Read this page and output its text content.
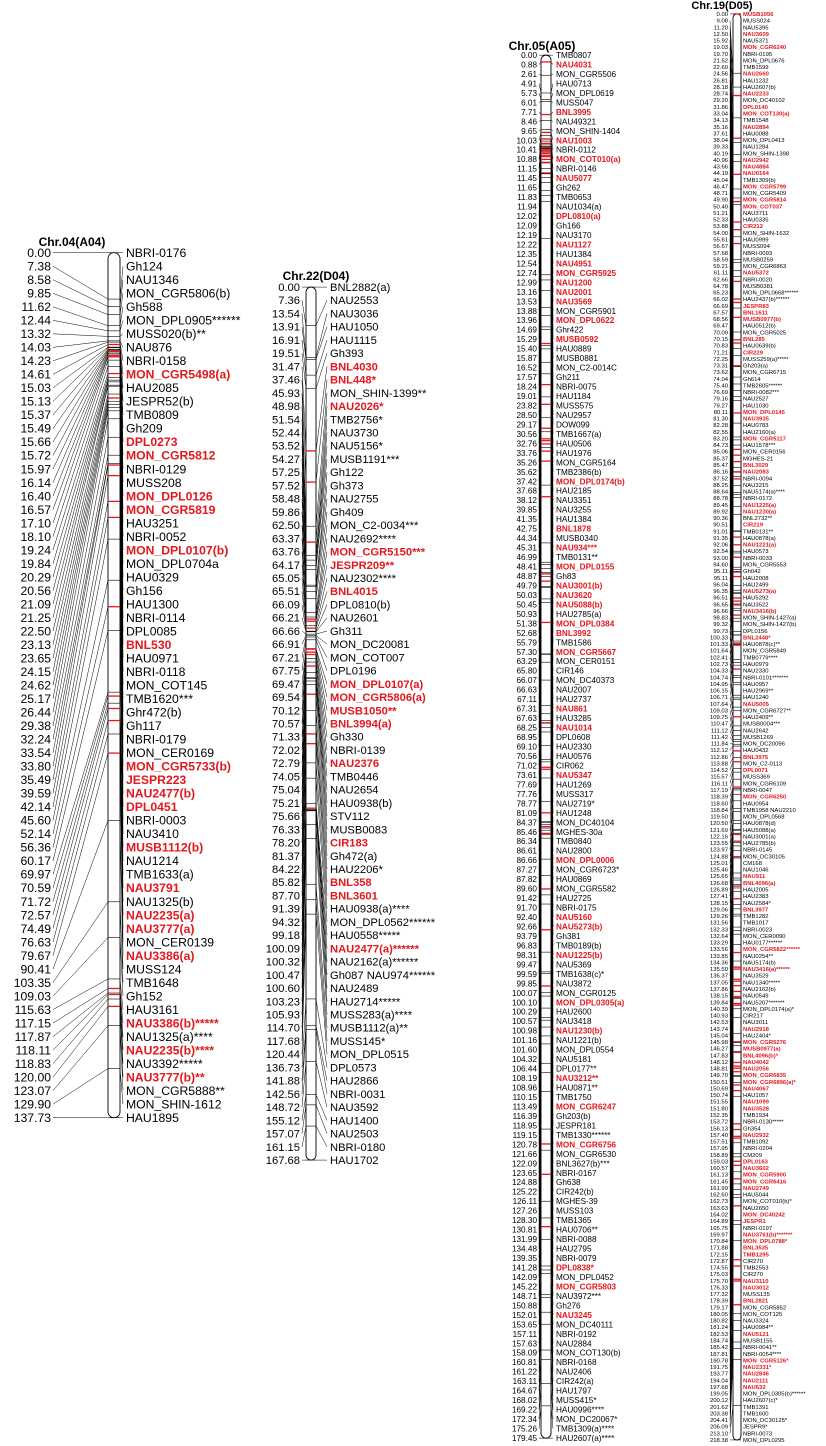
Chr.04(A04)
0.00	NBRI-0176
7.38	Gh124
8.58	NAU1346
9.85	MON_CGR5806(b)
11.62	Gh588
12.44	MON_DPL0905******
13.32	MUSS020(b)**
14.03	NAU876
14.23	NBRI-0158
14.61	MON_CGR5498(a)
15.03	HAU2085
15.13	JESPR52(b)
15.37	TMB0809
15.49	Gh209
15.66	DPL0273
15.72	MON_CGR5812
15.97	NBRI-0129
16.14	MUSS208
16.40	MON_DPL0126
16.57	MON_CGR5819
17.10	HAU3251
18.10	NBRI-0052
19.24	MON_DPL0107(b)
19.84	MON_DPL0704a
20.29	HAU0329
20.56	Gh156
21.09	HAU1300
21.25	NBRI-0114
22.50	DPL0085
23.13	BNL530
23.65	HAU0971
24.15	NBRI-0118
24.62	MON_COT145
25.17	TMB1620***
26.44	Ghr472(b)
29.38	Gh117
32.24	NBRI-0179
33.54	MON_CER0169
33.80	MON_CGR5733(b)
35.49	JESPR223
39.59	NAU2477(b)
42.14	DPL0451
45.60	NBRI-0003
52.14	NAU3410
56.36	MUSB1112(b)
60.17	NAU1214
69.97	TMB1633(a)
70.59	NAU3791
71.72	NAU1325(b)
72.57	NAU2235(a)
74.49	NAU3777(a)
76.63	MON_CER0139
79.67	NAU3386(a)
90.41	MUSS124
103.35	TMB1648
109.03	Gh152
115.63	HAU3161
117.15	NAU3386(b)*****
117.87	NAU1325(a)****
118.11	NAU2235(b)****
118.83	NAU3392*****
120.00	NAU3777(b)**
123.07	MON_CGR5888**
129.90	MON_SHIN-1612
137.73	HAU1895
Chr.22(D04)
0.00	BNL2882(a)
7.36	NAU2553
13.54	NAU3036
13.91	HAU1050
16.91	HAU1115
19.51	Gh393
31.47	BNL4030
37.46	BNL448*
45.93	MON_SHIN-1399**
48.98	NAU2026*
51.54	TMB2756*
52.44	NAU3730
53.52	NAU5156*
54.27	MUSB1191***
57.25	Gh122
57.52	Gh373
58.48	NAU2755
59.86	Gh409
62.50	MON_C2-0034***
63.37	NAU2692****
63.76	MON_CGR5150***
64.17	JESPR209**
65.05	NAU2302****
65.51	BNL4015
66.09	DPL0810(b)
66.21	NAU2601
66.66	Gh311
66.91	MON_DC20081
67.21	MON_COT007
67.75	DPL0196
69.47	MON_DPL0107(a)
69.54	MON_CGR5806(a)
70.12	MUSB1050**
70.57	BNL3994(a)
71.33	Gh330
72.02	NBRI-0139
72.79	NAU2376
74.05	TMB0446
75.04	NAU2654
75.21	HAU0938(b)
75.66	STV112
76.33	MUSB0083
78.20	CIR183
81.37	Gh472(a)
84.22	HAU2206*
85.82	BNL358
87.70	BNL3601
91.39	HAU0938(a)****
94.32	MON_DPL0562******
99.18	HAU0558*****
100.09	NAU2477(a)******
100.32	NAU2162(a)******
100.47	Gh087 NAU974******
100.60	NAU2489
103.23	HAU2714*****
105.93	MUSS283(a)****
114.70	MUSB1112(a)**
117.68	MUSS145*
120.44	MON_DPL0515
136.73	DPL0573
141.88	HAU2866
142.56	NBRI-0031
148.72	NAU3592
155.12	HAU1400
157.07	NAU2503
161.15	NBRI-0180
167.68	HAU1702
Chr.05(A05)
0.00 TMB0807
0.88 NAU4031
2.61 MON_CGR5506
4.91 HAU0713
5.73 MON_DPL0619
6.01 MUSS047
7.71 BNL3995
8.46 NAU49321
9.65 MON_SHIN-1404
10.03 NAU1003
10.41 NBRI-0112
10.88 MON_COT010(a)
11.15 NBRI-0146
11.45 NAU5077
11.65 Gh262
11.83 TMB0653
11.94 NAU1034(a)
12.02 DPL0810(a)
12.09 Gh166
12.19 NAU3170
12.22 NAU1127
12.35 HAU1384
12.54 NAU4951
12.74 MON_CGR5925
12.99 NAU1200
13.16 NAU2001
13.53 NAU3569
13.88 MON_CGR5901
13.96 MON_DPL0622
14.69 Ghr422
15.29 MUSB0592
15.40 HAU0889
15.87 MUSB0881
16.52 MON_C2-0014C
17.57 Gh211
18.24 NBRI-0075
19.01 HAU1184
23.82 MUSS575
28.50 NAU2957
29.17 DOW099
30.56 TMB1667(a)
32.76 HAU0506
33.76 HAU1976
35.26 MON_CGR5164
35.62 TMB2386(b)
37.42 MON_DPL0174(b)
37.68 HAU2185
38.12 NAU3351
39.85 NAU3255
41.35 HAU1384
42.75 BNL1878
44.34 MUSB0340
45.31 NAU934***
46.99 TMB0131**
48.41 MON_DPL0155
48.87 Gh83
49.79 NAU3001(b)
50.03 NAU3620
50.45 NAU5088(b)
50.93 HAU2785(a)
51.38 MON_DPL0384
52.68 BNL3992
55.79 TMB1586
57.30 MON_CGR5667
63.29 MON_CER0151
65.80 CIR146
66.07 MON_DC40373
66.63 NAU2007
67.11 HAU2737
67.31 NAU861
67.63 HAU3285
68.25 NAU1014
68.95 DPL0608
69.10 HAU2330
70.56 HAU0576
71.02 CIR062
73.61 NAU5347
77.69 HAU1269
77.76 MUSS317
78.77 NAU2719*
81.09 HAU1248
84.37 MON_DC40104
85.46 MGHES-30a
86.34 TMB0840
86.61 NAU2800
86.66 MON_DPL0006
87.27 MON_CGR6723*
87.82 HAU0869
89.60 MON_CGR5582
91.42 HAU2725
91.70 NBRI-0175
92.40 NAU5160
92.66 NAU5273(b)
93.79 Gh381
96.83 TMB0189(b)
98.31 NAU1225(b)
99.47 NAU5369
99.59 TMB1638(c)*
99.85 NAU3872
100.07 MON_CGR0125
100.10 MON_DPL0305(a)
100.29 HAU2600
100.57 NAU3418
100.98 NAU1230(b)
101.16 NAU1221(b)
101.60 MON_DPL0554
104.32 NAU5181
106.44 DPL0177**
108.19 NAU3212**
108.96 HAU0871**
110.15 TMB1750
113.49 MON_CGR6247
116.39 Gh203(b)
118.95 JESPR181
119.15 TMB1330******
120.78 MON_CGR6756
121.66 MON_CGR6530
122.09 BNL3627(b)***
123.65 NBRI-0167
124.88 Gh638
125.22 CIR242(b)
126.11 MGHES-39
127.26 MUSS103
128.30 TMB1365
130.81 HAU0706**
131.99 NBRI-0088
134.48 HAU2795
139.35 NBRI-0079
141.28 DPL0838*
142.09 MON_DPL0452
145.22 MON_CGR5803
148.71 NAU3972***
150.88 Gh276
152.01 NAU3245
153.65 MON_DC40111
157.11 NBRI-0192
157.63 NAU2884
158.09 MON_COT130(b)
160.81 NBRI-0168
161.22 NAU2406
163.11 CIR242(a)
164.67 HAU1797
168.02 MUSS415*
169.22 HAU0996****
172.34 MON_DC20067*
175.26 TMB1309(a)****
179.45 HAU2607(a)****
Chr.19(D05)
0.00	MUSB1056
9.08	MUSS024
11.20	NAU5395
12.50	NAU3609
15.92	NAU5371
19.03	MON_CGR6240
19.70	NBRI-0195
21.52	MON_DPL0676
22.60	TMB1599
24.56	NAU2660
26.81	HAU1232
28.18	HAU2607(b)
28.74	NAU2233
29.20	MON_DC40102
31.86	DPL0140
33.04	MON_COT130(a)
34.13	TMB1548
35.16	NAU2894
37.61	HAU0088
38.04	MON_DPL0413
39.33	NAU1284
40.19	MON_SHIN-1398
40.96	NAU2942
43.66	NAU4884
44.19	NAU0164
45.04	TMB1309(b)
46.47	MON_CGR5799
48.71	MON_CGR5409
49.90	MON_CGR5814
50.40	MON_COT037
51.21	NAU3711
52.33	HAU0335
53.88	CIR212
54.00	MON_SHIN-1632
55.61	HAU0999
56.67	MUSS094
57.68	NBRI-0093
58.59	MUSB0259
59.21	MON_CGR6863
61.11	NAU5372
62.66	NBRI-0020
64.78	MUSB0381
65.23	MON_DPL0668******
66.02	HAU2437(b)******
66.69	JESPR83
67.57	BNL1611
68.56	MUSB0977(b)
69.47	HAU0512(b)
70.09	MON_CGR5025
70.15	BNL285
70.83	HAU0639(b)
71.21	CIR229
72.25	MUSS259(a)*****
73.31	Gh203(a)
73.62	MON_CGR6715
74.04	Gh614
75.40	TMB2605******
76.69	NBRI-0082***
79.16	NAU2527
79.27	HAU1030
80.11	MON_DPL0145
81.30	NAU3935
82.28	HAU0783
82.55	HAU2160(a)
83.20	MON_CGR5117
84.73	HAU1578***
85.06	MON_CER0156
85.37	MGHES-21
85.47	BNL3029
86.16	NAU2083
87.52	NBRI-0094
88.25	NAU3215
88.64	NAU5174(a)****
88.78	NBRI-0172
89.45	NAU1225(a)
89.92	NAU1230(a)
90.36	BNL2732**
90.51	CIR219
91.01	TMB0131**
91.35	HAU0878(a)
92.06	NAU1221(a)
92.54	HAU0573
93.00	NBRI-0033
94.60	MON_CGR5553
95.11	Gh042
95.11	HAU2008
96.04	HAU2499
96.35	NAU5273(a)
96.51	HAU5292
96.65	NAU3522
96.66	NAU3416(b)
98.83	MON_SHIN-1427(a)
99.32	MON_SHIN-1427(b)
99.73	DPL0156
100.33	BNL2448*
101.33	HAU0878(c)**
101.64	MON_CGR5849
102.41	TMB0779****
102.73	HAU0979
104.33	NAU2330
104.74	NBRI-0101*******
104.95	HAU0957
106.15	HAU2969**
106.71	HAU1240
107.64	NAU5005
109.03	MON_CGR6727**
109.75	HAU2409**
110.47	MUSB0004***
111.12	NAU2642
111.42	MUSB1269
111.84	MON_DC20096
112.12	HAU0432
112.86	BNL3975
113.88	MON_C2-0113
114.52	DPL0071
115.57	MUSS369
116.11	MON_CGR6109
117.19	NBRI-0047
118.39	MON_CGR6250
118.60	HAU0954
118.84	TMB1958 NAU2210
119.50	MON_DPL0568
120.50	HAU0878(d)
121.69	HAU5088(a)
122.16	NAU3001(a)
123.55	HAU2785(b)
123.97	NBRI-0145
124.88	MON_DC30105
125.01	CM168
125.46	NAU1046
125.65	NAU911
126.68	BNL4096(a)
126.89	HAU2005
127.41	HAU2383
128.15	NAU2584*
129.06	BNL3977
129.26	TMB1282
131.56	TMB1017
132.33	NBRI-0023
132.64	MON_CER0090
133.29	HAU0177******
133.56	MON_CGR5822******
133.85	NAU0254**
134.36	NAU5174(b)
135.50	NAU3416(a)******
136.37	NAU3529
137.05	NAU1340*****
137.86	NAU2162(b)
138.15	NAU0549
139.84	NAU5207*******
140.39	MON_DPL0174(a)*
140.93	CIR217
142.53	NAU3011
143.74	NAU2918
145.04	HAU2404*
145.98	MON_CGR5276
146.27	MUSB0977(a)
147.83	BNL4096(b)*
148.12	NAU4042
148.81	NAU2056
149.70	MON_CGR6835
150.51	MON_CGR6896(a)*
150.69	NAU4067
150.74	HAU1057
151.55	NAU1099
151.80	NAU3528
152.35	TMB1934
153.72	NBRI-0130*****
156.13	Gh354
157.40	NAU2932
157.51	TMB1092
157.95	NBRI-0204
158.89	CM209
159.03	DPL0163
160.57	NAU3602
161.13	MON_CGR5900
161.45	MON_CGR6416
161.99	NAU2749
162.60	HAU5044
162.73	MON_COT010(b)*
163.63	NAU2650
164.02	MON_DC40242
164.89	JESPR1
165.75	NBRI-0197
169.97	NAU3761(b)*******
170.84	MON_DPL0788*
171.88	BNL3535
172.15	TMB1295
172.87	CIR270
174.55	TMB2553
175.03	CIR270
175.70	NAU3110
176.33	NAU3012
177.32	MUSS135
178.39	BNL2821
179.17	MON_CGR5852
180.05	MON_COT125
180.82	NAU3324
181.24	HAU0984**
182.53	NAU5121
184.74	MUSB1155
185.42	NBRI-0041**
187.81	NBRI-0054****
190.78	MON_CGR5126*
191.75	NAU2331*
193.77	NAU2846
194.04	NAU2111
197.68	NAU632
199.05	MON_DPL0305(b)******
200.12	HAU2607(c)*
201.62	TMB1391
203.38	TMB1600
204.41	MON_DC30125*
206.09	JESPR9*
213.10	NBRI-0073
218.38	MON_DPL0295
